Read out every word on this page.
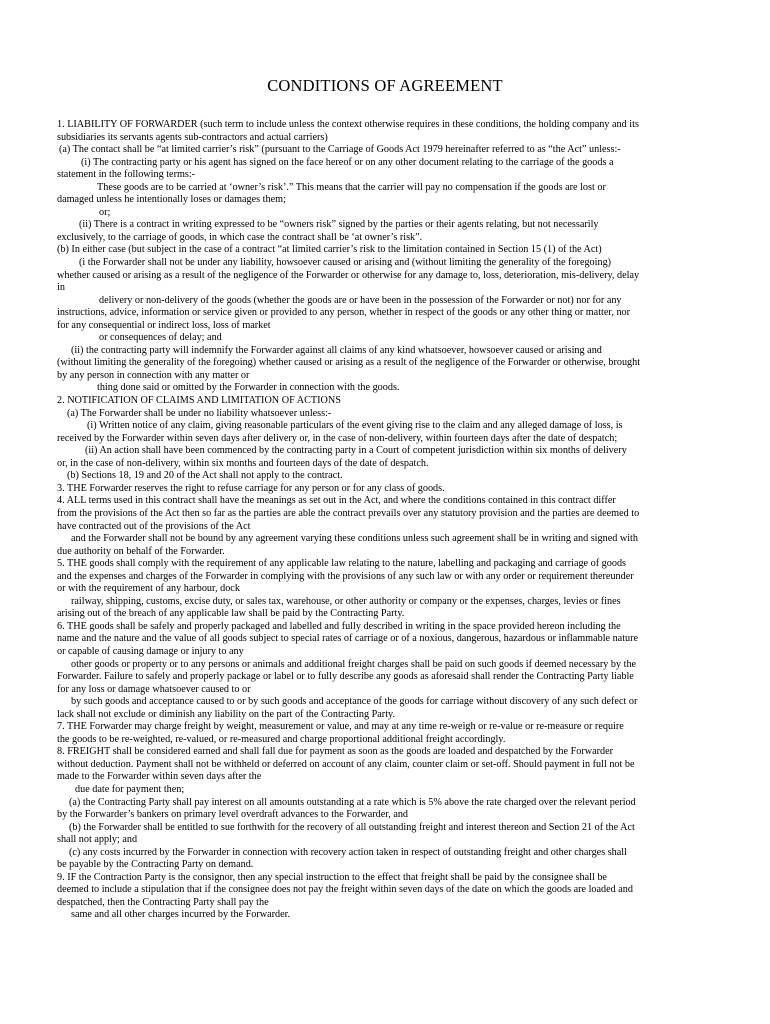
CONDITIONS OF AGREEMENT
1. LIABILITY OF FORWARDER (such term to include unless the context otherwise requires in these conditions, the holding company and its
subsidiaries its servants agents sub-contractors and actual carriers)
(a) The contact shall be “at limited carrier’s risk” (pursuant to the Carriage of Goods Act 1979 hereinafter referred to as “the Act” unless:-
(i) The contracting party or his agent has signed on the face hereof or on any other document relating to the carriage of the goods a
statement in the following terms:-
These goods are to be carried at ‘owner’s risk’.” This means that the carrier will pay no compensation if the goods are lost or
damaged unless he intentionally loses or damages them;
or;
(ii) There is a contract in writing expressed to be “owners risk” signed by the parties or their agents relating, but not necessarily
exclusively, to the carriage of goods, in which case the contract shall be ‘at owner’s risk”.
(b) In either case (but subject in the case of a contract “at limited carrier’s risk to the limitation contained in Section 15 (1) of the Act)
(i the Forwarder shall not be under any liability, howsoever caused or arising and (without limiting the generality of the foregoing)
whether caused or arising as a result of the negligence of the Forwarder or otherwise for any damage to, loss, deterioration, mis-delivery, delay
in
delivery or non-delivery of the goods (whether the goods are or have been in the possession of the Forwarder or not) nor for any
instructions, advice, information or service given or provided to any person, whether in respect of the goods or any other thing or matter, nor
for any consequential or indirect loss, loss of market
or consequences of delay; and
(ii) the contracting party will indemnify the Forwarder against all claims of any kind whatsoever, howsoever caused or arising and
(without limiting the generality of the foregoing) whether caused or arising as a result of the negligence of the Forwarder or otherwise, brought
by any person in connection with any matter or
thing done said or omitted by the Forwarder in connection with the goods.
2. NOTIFICATION OF CLAIMS AND LIMITATION OF ACTIONS
(a) The Forwarder shall be under no liability whatsoever unless:-
(i) Written notice of any claim, giving reasonable particulars of the event giving rise to the claim and any alleged damage of loss, is
received by the Forwarder within seven days after delivery or, in the case of non-delivery, within fourteen days after the date of despatch;
(ii) An action shall have been commenced by the contracting party in a Court of competent jurisdiction within six months of delivery
or, in the case of non-delivery, within six months and fourteen days of the date of despatch.
(b) Sections 18, 19 and 20 of the Act shall not apply to the contract.
3. THE Forwarder reserves the right to refuse carriage for any person or for any class of goods.
4. ALL terms used in this contract shall have the meanings as set out in the Act, and where the conditions contained in this contract differ
from the provisions of the Act then so far as the parties are able the contract prevails over any statutory provision and the parties are deemed to
have contracted out of the provisions of the Act
and the Forwarder shall not be bound by any agreement varying these conditions unless such agreement shall be in writing and signed with
due authority on behalf of the Forwarder.
5. THE goods shall comply with the requirement of any applicable law relating to the nature, labelling and packaging and carriage of goods
and the expenses and charges of the Forwarder in complying with the provisions of any such law or with any order or requirement thereunder
or with the requirement of any harbour, dock
railway, shipping, customs, excise duty, or sales tax, warehouse, or other authority or company or the expenses, charges, levies or fines
arising out of the breach of any applicable law shall be paid by the Contracting Party.
6. THE goods shall be safely and properly packaged and labelled and fully described in writing in the space provided hereon including the
name and the nature and the value of all goods subject to special rates of carriage or of a noxious, dangerous, hazardous or inflammable nature
or capable of causing damage or injury to any
other goods or property or to any persons or animals and additional freight charges shall be paid on such goods if deemed necessary by the
Forwarder. Failure to safely and properly package or label or to fully describe any goods as aforesaid shall render the Contracting Party liable
for any loss or damage whatsoever caused to or
by such goods and acceptance caused to or by such goods and acceptance of the goods for carriage without discovery of any such defect or
lack shall not exclude or diminish any liability on the part of the Contracting Party.
7. THE Forwarder may charge freight by weight, measurement or value, and may at any time re-weigh or re-value or re-measure or require
the goods to be re-weighted, re-valued, or re-measured and charge proportional additional freight accordingly.
8. FREIGHT shall be considered earned and shall fall due for payment as soon as the goods are loaded and despatched by the Forwarder
without deduction. Payment shall not be withheld or deferred on account of any claim, counter claim or set-off. Should payment in full not be
made to the Forwarder within seven days after the
due date for payment then;
(a) the Contracting Party shall pay interest on all amounts outstanding at a rate which is 5% above the rate charged over the relevant period
by the Forwarder’s bankers on primary level overdraft advances to the Forwarder, and
(b) the Forwarder shall be entitled to sue forthwith for the recovery of all outstanding freight and interest thereon and Section 21 of the Act
shall not apply; and
(c) any costs incurred by the Forwarder in connection with recovery action taken in respect of outstanding freight and other charges shall
be payable by the Contracting Party on demand.
9. IF the Contraction Party is the consignor, then any special instruction to the effect that freight shall be paid by the consignee shall be
deemed to include a stipulation that if the consignee does not pay the freight within seven days of the date on which the goods are loaded and
despatched, then the Contracting Party shall pay the
same and all other charges incurred by the Forwarder.
